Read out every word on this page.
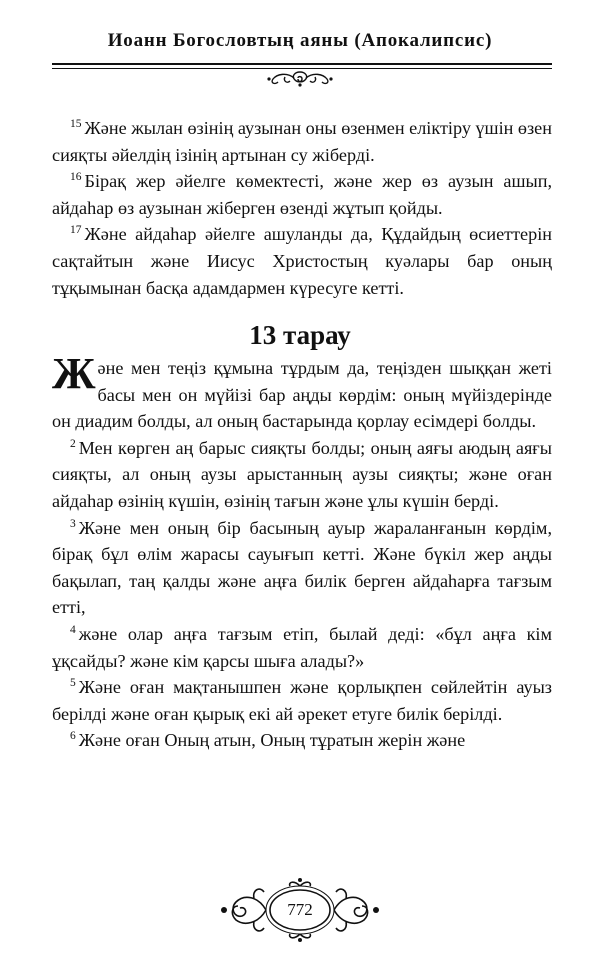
Иоанн Богословтың аяны (Апокалипсис)

$^{15}$ Және жылан өзінің аузынан оны өзенмен еліктіру үшін өзен сияқты әйелдің ізінің артынан су жіберді.

$^{16}$ Бірақ жер әйелге көмектесті, және жер өз аузын ашып, айдаһар өз аузынан жіберген өзенді жұтып қойды.

$^{17}$ Және айдаһар әйелге ашуланды да, Құдайдың өсиеттерін сақтайтын және Иисус Христостың куәлары бар оның тұқымынан басқа адамдармен күресуге кетті.

13 тарау

Және мен теңіз құмына тұрдым да, теңізден шыққан жеті басы мен он мүйізі бар аңды көрдім: оның мүйіздерінде он диадим болды, ал оның бастарында қорлау есімдері болды.

$^2$ Мен көрген аң барыс сияқты болды; оның аяғы аюдың аяғы сияқты, ал оның аузы арыстанның аузы сияқты; және оған айдаһар өзінің күшін, өзінің тағын және ұлы күшін берді.

$^3$ Және мен оның бір басының ауыр жараланғанын көрдім, бірақ бұл өлім жарасы сауығып кетті. Және бүкіл жер аңды бақылап, таң қалды және аңға билік берген айдаһарға тағзым етті,

$^4$ және олар аңға тағзым етіп, былай деді: «бұл аңға кім ұқсайды? және кім қарсы шыға алады?»

$^5$ Және оған мақтанышпен және қорлықпен сөйлейтін ауыз берілді және оған қырық екі ай әрекет етуге билік берілді.

$^6$ Және оған Оның атын, Оның тұратын жерін және

772
